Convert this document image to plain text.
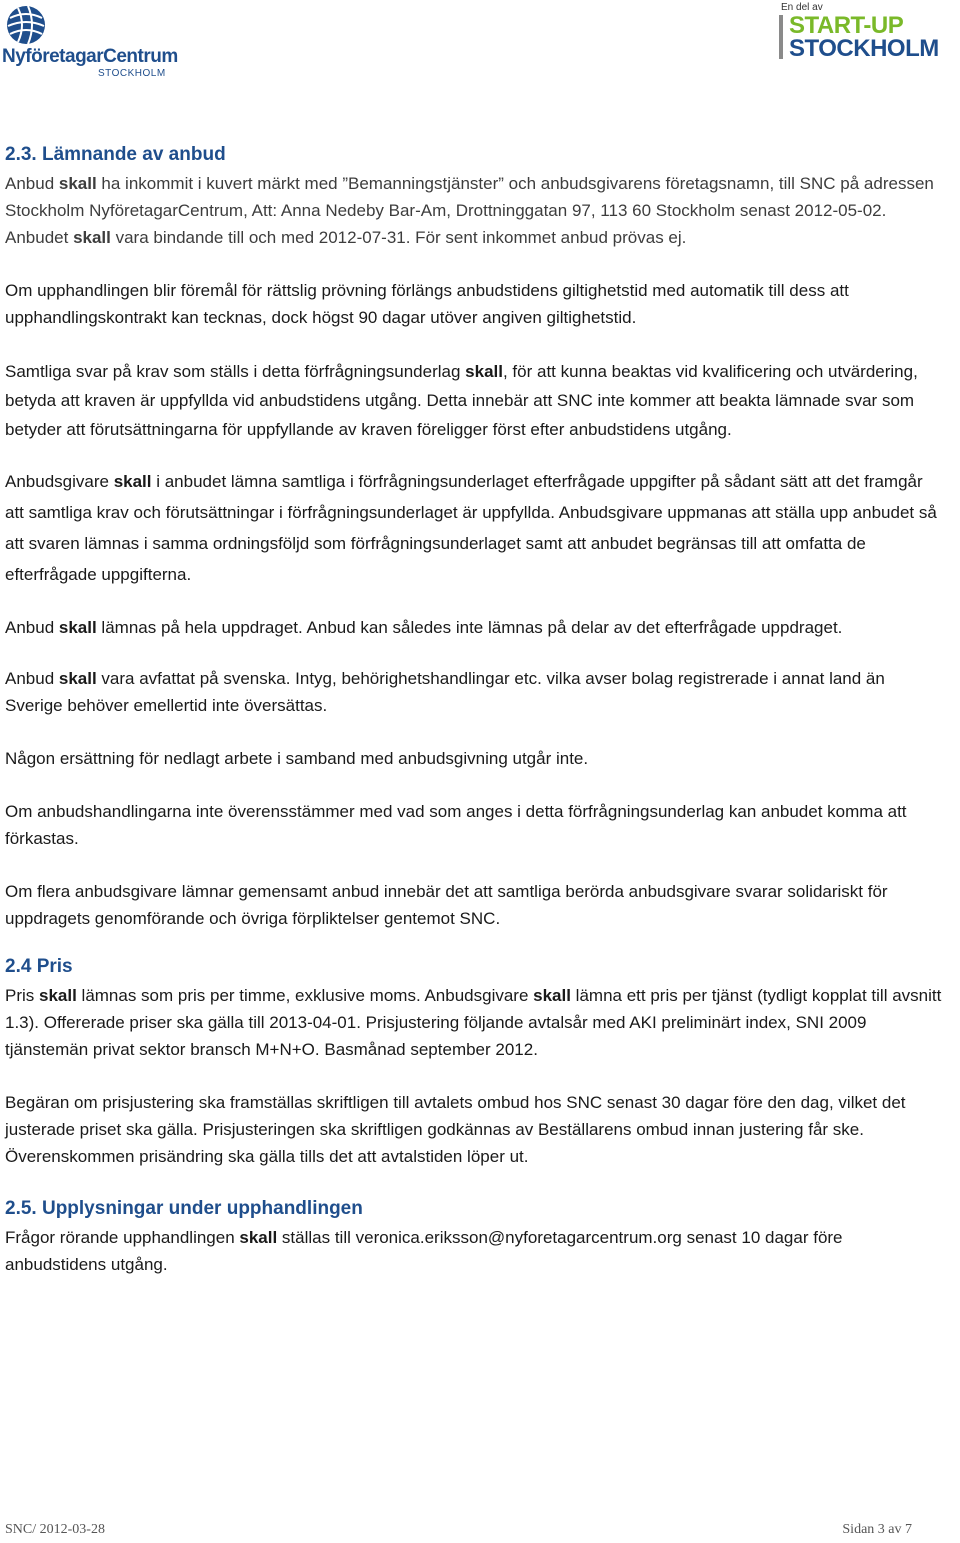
NyföretagarCentrum
STOCKHOLM
En del av
START-UP
STOCKHOLM
2.3. Lämnande av anbud

Anbud skall ha inkommit i kuvert märkt med ”Bemanningstjänster” och anbudsgivarens företagsnamn, till SNC på adressen Stockholm NyföretagarCentrum, Att: Anna Nedeby Bar-Am, Drottninggatan 97, 113 60 Stockholm senast 2012-05-02. Anbudet skall vara bindande till och med 2012-07-31. För sent inkommet anbud prövas ej.

Om upphandlingen blir föremål för rättslig prövning förlängs anbudstidens giltighetstid med automatik till dess att upphandlingskontrakt kan tecknas, dock högst 90 dagar utöver angiven giltighetstid.

Samtliga svar på krav som ställs i detta förfrågningsunderlag skall, för att kunna beaktas vid kvalificering och utvärdering, betyda att kraven är uppfyllda vid anbudstidens utgång. Detta innebär att SNC inte kommer att beakta lämnade svar som betyder att förutsättningarna för uppfyllande av kraven föreligger först efter anbudstidens utgång.

Anbudsgivare skall i anbudet lämna samtliga i förfrågningsunderlaget efterfrågade uppgifter på sådant sätt att det framgår att samtliga krav och förutsättningar i förfrågningsunderlaget är uppfyllda. Anbudsgivare uppmanas att ställa upp anbudet så att svaren lämnas i samma ordningsföljd som förfrågningsunderlaget samt att anbudet begränsas till att omfatta de efterfrågade uppgifterna.

Anbud skall lämnas på hela uppdraget. Anbud kan således inte lämnas på delar av det efterfrågade uppdraget.

Anbud skall vara avfattat på svenska. Intyg, behörighetshandlingar etc. vilka avser bolag registrerade i annat land än Sverige behöver emellertid inte översättas.

Någon ersättning för nedlagt arbete i samband med anbudsgivning utgår inte.

Om anbudshandlingarna inte överensstämmer med vad som anges i detta förfrågningsunderlag kan anbudet komma att förkastas.

Om flera anbudsgivare lämnar gemensamt anbud innebär det att samtliga berörda anbudsgivare svarar solidariskt för uppdragets genomförande och övriga förpliktelser gentemot SNC.

2.4 Pris

Pris skall lämnas som pris per timme, exklusive moms. Anbudsgivare skall lämna ett pris per tjänst (tydligt kopplat till avsnitt 1.3). Offererade priser ska gälla till 2013-04-01. Prisjustering följande avtalsår med AKI preliminärt index, SNI 2009 tjänstemän privat sektor bransch M+N+O. Basmånad september 2012.

Begäran om prisjustering ska framställas skriftligen till avtalets ombud hos SNC senast 30 dagar före den dag, vilket det justerade priset ska gälla. Prisjusteringen ska skriftligen godkännas av Beställarens ombud innan justering får ske. Överenskommen prisändring ska gälla tills det att avtalstiden löper ut.

2.5. Upplysningar under upphandlingen

Frågor rörande upphandlingen skall ställas till veronica.eriksson@nyforetagarcentrum.org senast 10 dagar före anbudstidens utgång.

SNC/ 2012-03-28	Sidan 3 av 7
